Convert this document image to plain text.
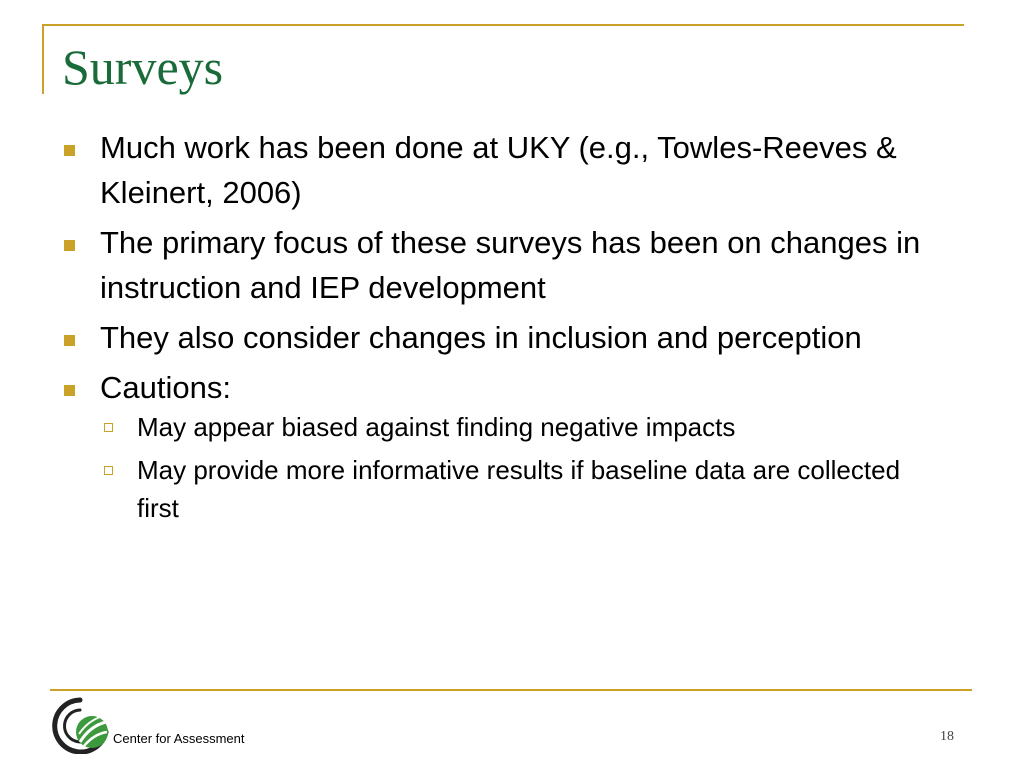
Surveys
Much work has been done at UKY (e.g., Towles-Reeves & Kleinert, 2006)
The primary focus of these surveys has been on changes in instruction and IEP development
They also consider changes in inclusion and perception
Cautions:
May appear biased against finding negative impacts
May provide more informative results if baseline data are collected first
Center for Assessment	18
